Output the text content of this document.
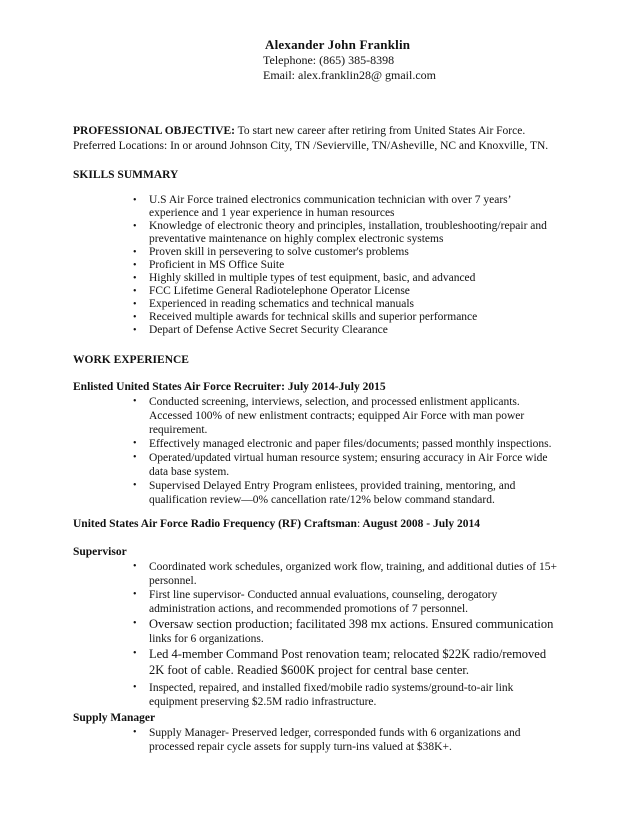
Alexander John Franklin
Telephone: (865) 385-8398
Email: alex.franklin28@ gmail.com
PROFESSIONAL OBJECTIVE: To start new career after retiring from United States Air Force.
Preferred Locations: In or around Johnson City, TN /Sevierville, TN/Asheville, NC and Knoxville, TN.
SKILLS SUMMARY
• U.S Air Force trained electronics communication technician with over 7 years’
experience and 1 year experience in human resources
• Knowledge of electronic theory and principles, installation, troubleshooting/repair and
preventative maintenance on highly complex electronic systems
• Proven skill in persevering to solve customer's problems
• Proficient in MS Office Suite
• Highly skilled in multiple types of test equipment, basic, and advanced
• FCC Lifetime General Radiotelephone Operator License
• Experienced in reading schematics and technical manuals
• Received multiple awards for technical skills and superior performance
• Depart of Defense Active Secret Security Clearance
WORK EXPERIENCE
Enlisted United States Air Force Recruiter: July 2014-July 2015
• Conducted screening, interviews, selection, and processed enlistment applicants.
Accessed 100% of new enlistment contracts; equipped Air Force with man power
requirement.
• Effectively managed electronic and paper files/documents; passed monthly inspections.
• Operated/updated virtual human resource system; ensuring accuracy in Air Force wide
data base system.
• Supervised Delayed Entry Program enlistees, provided training, mentoring, and
qualification review—0% cancellation rate/12% below command standard.
United States Air Force Radio Frequency (RF) Craftsman: August 2008 - July 2014
Supervisor
• Coordinated work schedules, organized work flow, training, and additional duties of 15+
personnel.
• First line supervisor- Conducted annual evaluations, counseling, derogatory
administration actions, and recommended promotions of 7 personnel.
• Oversaw section production; facilitated 398 mx actions. Ensured communication
links for 6 organizations.
• Led 4-member Command Post renovation team; relocated $22K radio/removed
2K foot of cable. Readied $600K project for central base center.
• Inspected, repaired, and installed fixed/mobile radio systems/ground-to-air link
equipment preserving $2.5M radio infrastructure.
Supply Manager
• Supply Manager- Preserved ledger, corresponded funds with 6 organizations and
processed repair cycle assets for supply turn-ins valued at $38K+.
